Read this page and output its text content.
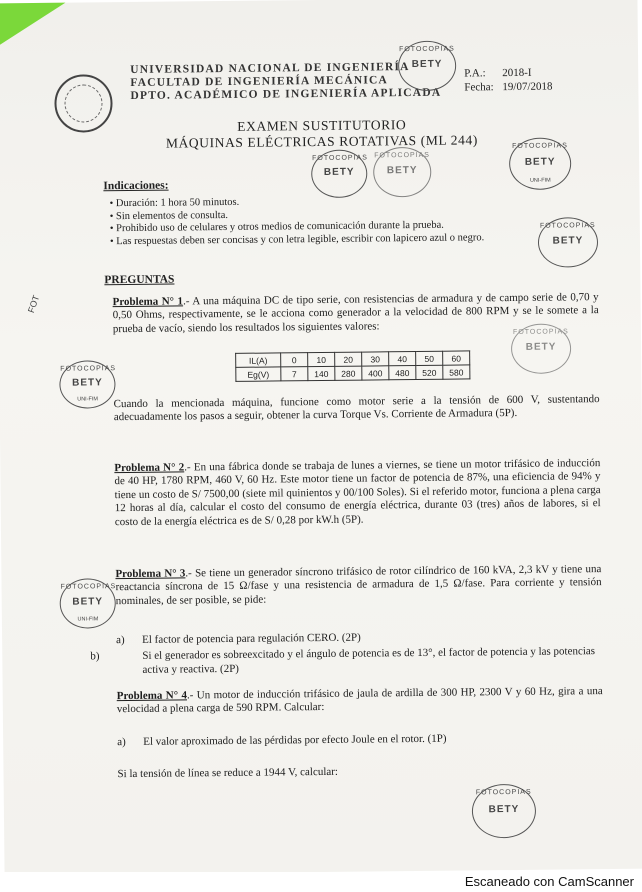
UNIVERSIDAD NACIONAL DE INGENIERÍA
FACULTAD DE INGENIERÍA MECÁNICA
DPTO. ACADÉMICO DE INGENIERÍA APLICADA
P.A.: 2018-I
Fecha: 19/07/2018
FOTOCOPIAS
BETY
EXAMEN SUSTITUTORIO
MÁQUINAS ELÉCTRICAS ROTATIVAS (ML 244)
FOTOCOPIAS
BETY
FOTOCOPIAS
BETY
FOTOCOPIAS
BETY
UNI-FIM
Indicaciones:
• Duración: 1 hora 50 minutos.
• Sin elementos de consulta.
• Prohibido uso de celulares y otros medios de comunicación durante la prueba.
• Las respuestas deben ser concisas y con letra legible, escribir con lapicero azul o negro.
FOTOCOPIAS
BETY
PREGUNTAS
Problema N° 1.- A una máquina DC de tipo serie, con resistencias de armadura y de campo serie de 0,70 y 0,50 Ohms, respectivamente, se le acciona como generador a la velocidad de 800 RPM y se le somete a la prueba de vacío, siendo los resultados los siguientes valores:
IL(A)	0	10	20	30	40	50	60
Eg(V)	7	140	280	400	480	520	580
FOTOCOPIAS
BETY
UNI-FIM
FOTOCOPIAS
BETY
Cuando la mencionada máquina, funcione como motor serie a la tensión de 600 V, sustentando adecuadamente los pasos a seguir, obtener la curva Torque Vs. Corriente de Armadura (5P).
Problema N° 2.- En una fábrica donde se trabaja de lunes a viernes, se tiene un motor trifásico de inducción de 40 HP, 1780 RPM, 460 V, 60 Hz. Este motor tiene un factor de potencia de 87%, una eficiencia de 94% y tiene un costo de S/ 7500,00 (siete mil quinientos y 00/100 Soles). Si el referido motor, funciona a plena carga 12 horas al día, calcular el costo del consumo de energía eléctrica, durante 03 (tres) años de labores, si el costo de la energía eléctrica es de S/ 0,28 por kW.h (5P).
FOTOCOPIAS
BETY
UNI-FIM
Problema N° 3.- Se tiene un generador síncrono trifásico de rotor cilíndrico de 160 kVA, 2,3 kV y tiene una reactancia síncrona de 15 Ω/fase y una resistencia de armadura de 1,5 Ω/fase. Para corriente y tensión nominales, de ser posible, se pide:
a) El factor de potencia para regulación CERO. (2P)
b)	Si el generador es sobreexcitado y el ángulo de potencia es de 13°, el factor de potencia y las potencias activa y reactiva. (2P)
Problema N° 4.- Un motor de inducción trifásico de jaula de ardilla de 300 HP, 2300 V y 60 Hz, gira a una velocidad a plena carga de 590 RPM. Calcular:
a) El valor aproximado de las pérdidas por efecto Joule en el rotor. (1P)
Si la tensión de línea se reduce a 1944 V, calcular:
FOTOCOPIAS
BETY
FOT
Escaneado con CamScanner
